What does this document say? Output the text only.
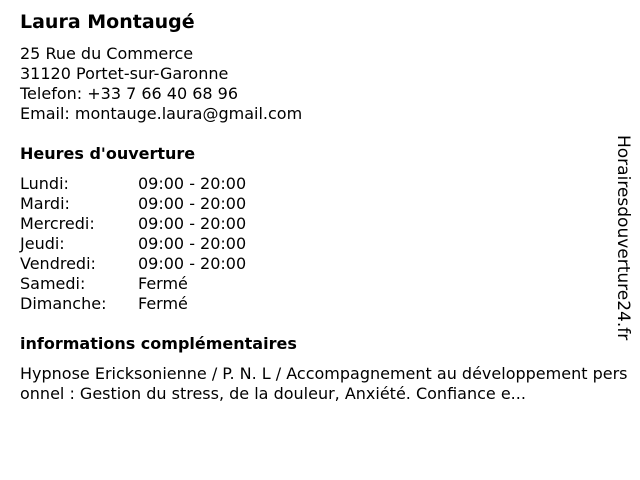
Laura Montaugé
25 Rue du Commerce
31120 Portet-sur-Garonne
Telefon: +33 7 66 40 68 96
Email: montauge.laura@gmail.com
Heures d'ouverture
Lundi:	09:00 - 20:00
Mardi:	09:00 - 20:00
Mercredi:	09:00 - 20:00
Jeudi:	09:00 - 20:00
Vendredi:	09:00 - 20:00
Samedi:	Fermé
Dimanche:	Fermé
informations complémentaires
Hypnose Ericksonienne / P. N. L / Accompagnement au développement personnel : Gestion du stress, de la douleur, Anxiété. Confiance e...
Horairesdouverture24.fr
